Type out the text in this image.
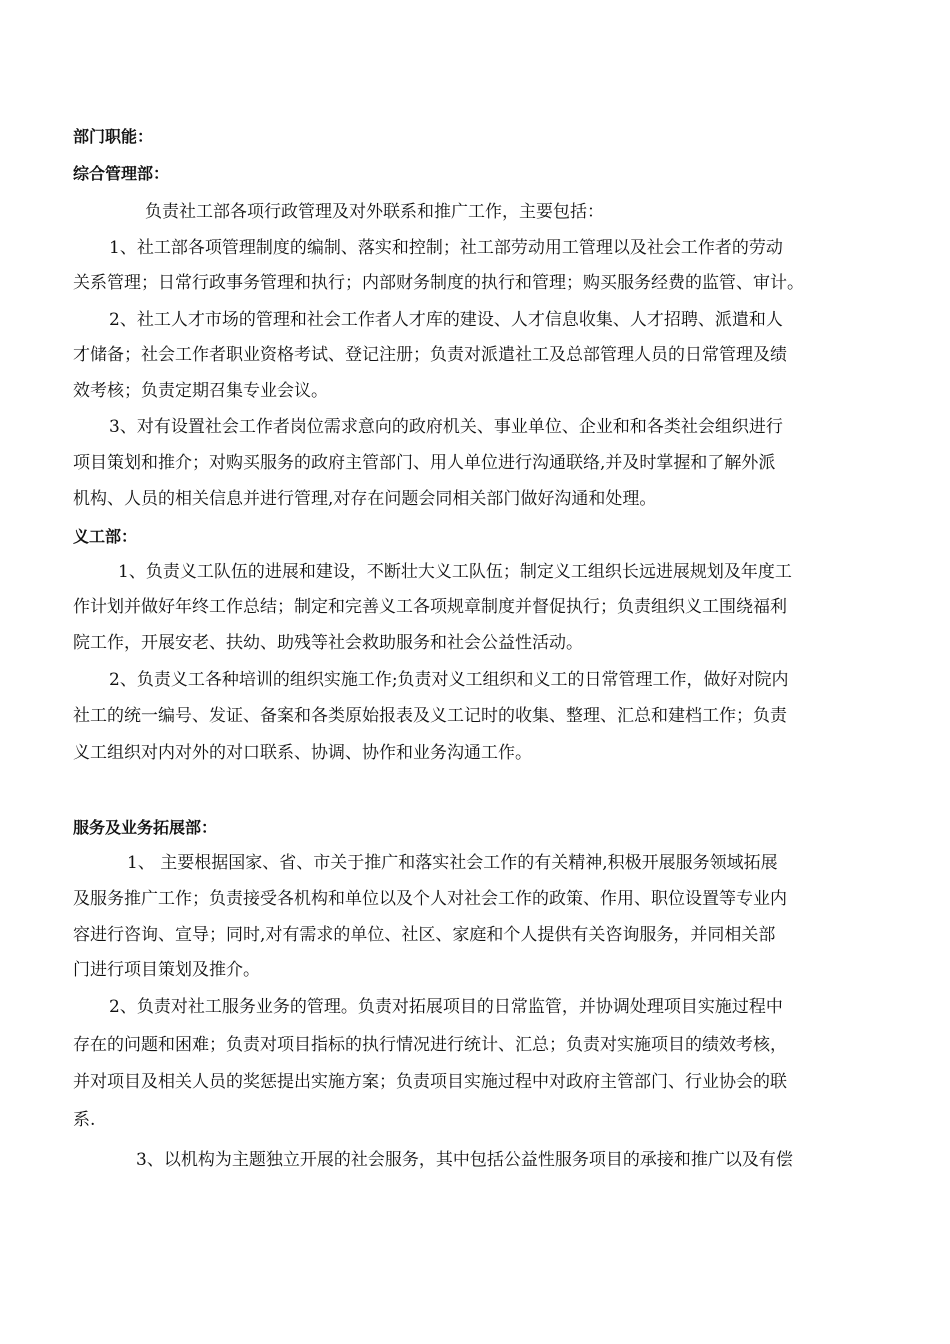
部门职能：
综合管理部：
负责社工部各项行政管理及对外联系和推广工作，主要包括：
1、社工部各项管理制度的编制、落实和控制；社工部劳动用工管理以及社会工作者的劳动
关系管理；日常行政事务管理和执行；内部财务制度的执行和管理；购买服务经费的监管、审计。
2、社工人才市场的管理和社会工作者人才库的建设、人才信息收集、人才招聘、派遣和人
才储备；社会工作者职业资格考试、登记注册；负责对派遣社工及总部管理人员的日常管理及绩
效考核；负责定期召集专业会议。
3、对有设置社会工作者岗位需求意向的政府机关、事业单位、企业和和各类社会组织进行
项目策划和推介；对购买服务的政府主管部门、用人单位进行沟通联络,并及时掌握和了解外派
机构、人员的相关信息并进行管理,对存在问题会同相关部门做好沟通和处理。
义工部：
1、负责义工队伍的进展和建设，不断壮大义工队伍；制定义工组织长远进展规划及年度工
作计划并做好年终工作总结；制定和完善义工各项规章制度并督促执行；负责组织义工围绕福利
院工作，开展安老、扶幼、助残等社会救助服务和社会公益性活动。
2、负责义工各种培训的组织实施工作;负责对义工组织和义工的日常管理工作，做好对院内
社工的统一编号、发证、备案和各类原始报表及义工记时的收集、整理、汇总和建档工作；负责
义工组织对内对外的对口联系、协调、协作和业务沟通工作。
服务及业务拓展部：
1、 主要根据国家、省、市关于推广和落实社会工作的有关精神,积极开展服务领域拓展
及服务推广工作；负责接受各机构和单位以及个人对社会工作的政策、作用、职位设置等专业内
容进行咨询、宣导；同时,对有需求的单位、社区、家庭和个人提供有关咨询服务，并同相关部
门进行项目策划及推介。
2、负责对社工服务业务的管理。负责对拓展项目的日常监管，并协调处理项目实施过程中
存在的问题和困难；负责对项目指标的执行情况进行统计、汇总；负责对实施项目的绩效考核，
并对项目及相关人员的奖惩提出实施方案；负责项目实施过程中对政府主管部门、行业协会的联
系.
3、以机构为主题独立开展的社会服务，其中包括公益性服务项目的承接和推广以及有偿
